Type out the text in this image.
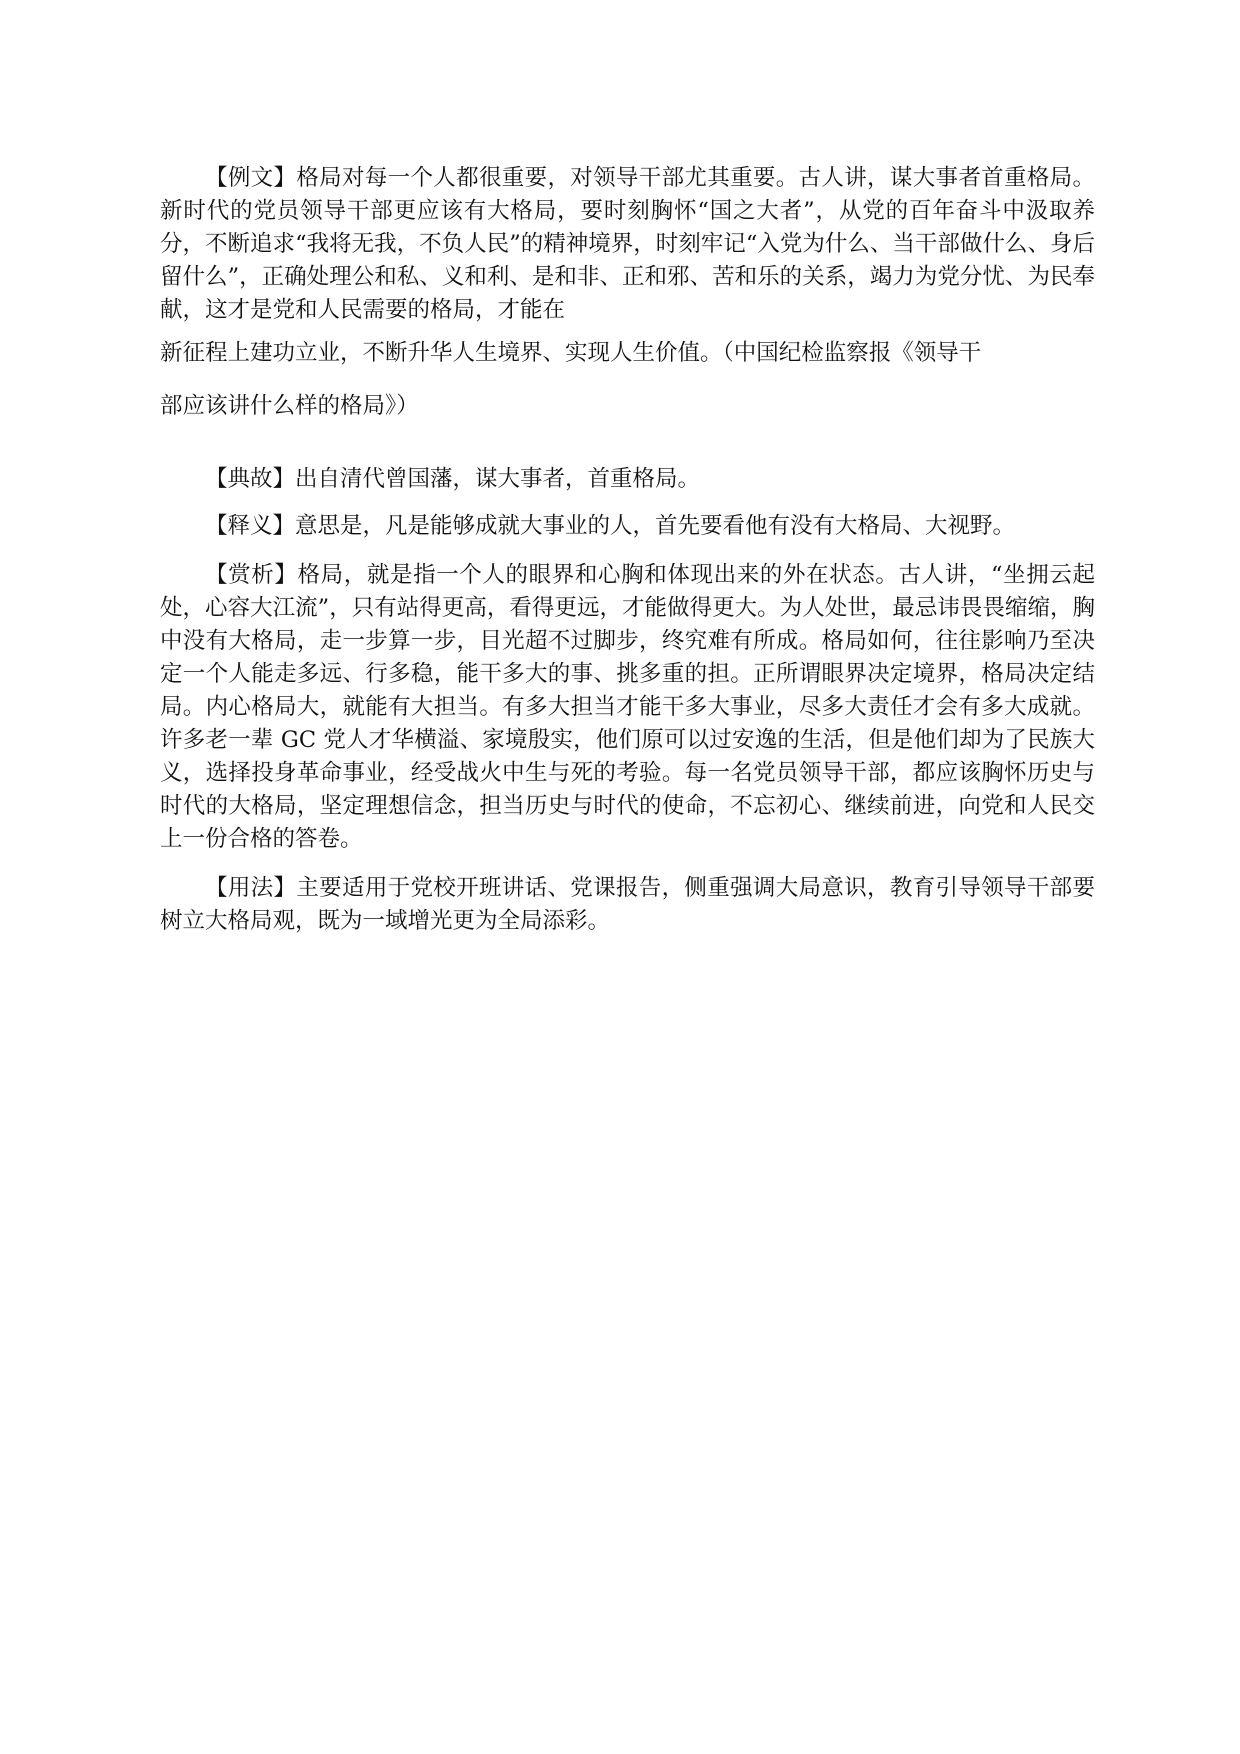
【例文】格局对每一个人都很重要，对领导干部尤其重要。古人讲，谋大事者首重格局。新时代的党员领导干部更应该有大格局，要时刻胸怀“国之大者”，从党的百年奋斗中汲取养分，不断追求“我将无我，不负人民”的精神境界，时刻牢记“入党为什么、当干部做什么、身后留什么”，正确处理公和私、义和利、是和非、正和邪、苦和乐的关系，竭力为党分忧、为民奉献，这才是党和人民需要的格局，才能在

新征程上建功立业，不断升华人生境界、实现人生价值。（中国纪检监察报《领导干

部应该讲什么样的格局》）

【典故】出自清代曾国藩，谋大事者，首重格局。

【释义】意思是，凡是能够成就大事业的人，首先要看他有没有大格局、大视野。

【赏析】格局，就是指一个人的眼界和心胸和体现出来的外在状态。古人讲，“坐拥云起处，心容大江流”，只有站得更高，看得更远，才能做得更大。为人处世，最忌讳畏畏缩缩，胸中没有大格局，走一步算一步，目光超不过脚步，终究难有所成。格局如何，往往影响乃至决定一个人能走多远、行多稳，能干多大的事、挑多重的担。正所谓眼界决定境界，格局决定结局。内心格局大，就能有大担当。有多大担当才能干多大事业，尽多大责任才会有多大成就。许多老一辈 GC 党人才华横溢、家境殷实，他们原可以过安逸的生活，但是他们却为了民族大义，选择投身革命事业，经受战火中生与死的考验。每一名党员领导干部，都应该胸怀历史与时代的大格局，坚定理想信念，担当历史与时代的使命，不忘初心、继续前进，向党和人民交上一份合格的答卷。

【用法】主要适用于党校开班讲话、党课报告，侧重强调大局意识，教育引导领导干部要树立大格局观，既为一域增光更为全局添彩。
